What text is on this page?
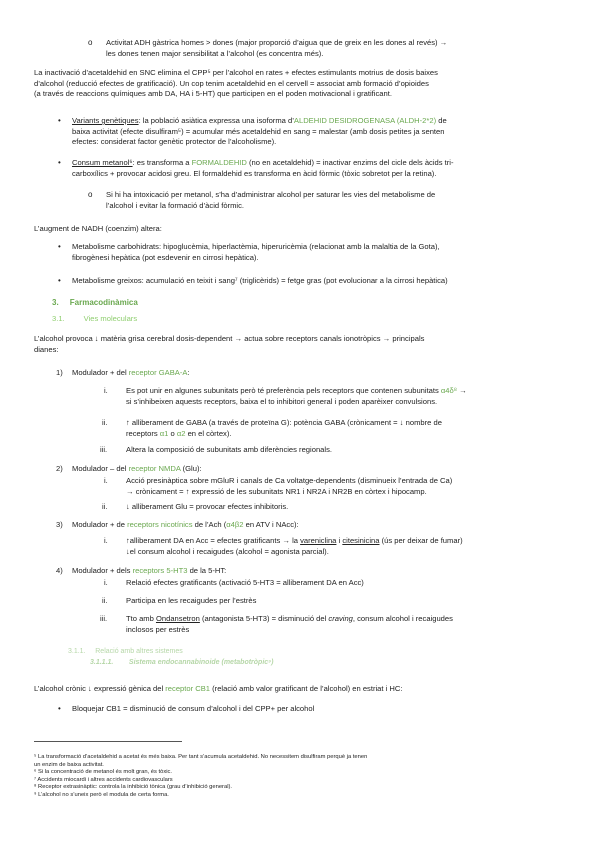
o Activitat ADH gàstrica homes > dones (major proporció d’aigua que de greix en les dones al revés) →
les dones tenen major sensibilitat a l’alcohol (es concentra més).

La inactivació d’acetaldehid en SNC elimina el CPP⁵ per l’alcohol en rates + efectes estimulants motrius de dosis baixes
d’alcohol (reducció efectes de gratificació). Un cop tenim acetaldehid en el cervell = associat amb formació d’opioides
(a través de reaccions químiques amb DA, HA i 5-HT) que participen en el poden motivacional i gratificant.

• Variants genètiques: la població asiàtica expressa una isoforma d’ALDEHID DESIDROGENASA (ALDH-2*2) de
baixa activitat (efecte disulfiram⁵) = acumular més acetaldehid en sang = malestar (amb dosis petites ja senten
efectes: considerat factor genètic protector de l’alcoholisme).

• Consum metanol⁶: es transforma a FORMALDEHID (no en acetaldehid) = inactivar enzims del cicle dels àcids tri-
carboxílics + provocar acidosi greu. El formaldehid es transforma en àcid fòrmic (tòxic sobretot per la retina).

o Si hi ha intoxicació per metanol, s’ha d’administrar alcohol per saturar les vies del metabolisme de
l’alcohol i evitar la formació d’àcid fòrmic.

L’augment de NADH (coenzim) altera:

• Metabolisme carbohidrats: hipoglucèmia, hiperlactèmia, hiperuricèmia (relacionat amb la malaltia de la Gota),
fibrogènesi hepàtica (pot esdevenir en cirrosi hepàtica).

• Metabolisme greixos: acumulació en teixit i sang⁷ (triglicèrids) = fetge gras (pot evolucionar a la cirrosi hepàtica)

3. Farmacodinàmica
3.1.	Vies moleculars

L’alcohol provoca ↓ matèria grisa cerebral dosis-dependent → actua sobre receptors canals ionotròpics → principals
dianes:

1) Modulador + del receptor GABA-A:

i. Es pot unir en algunes subunitats però té preferència pels receptors que contenen subunitats α4δ⁸ →
si s’inhibeixen aquests receptors, baixa el to inhibitori general i poden aparèixer convulsions.

ii. ↑ alliberament de GABA (a través de proteïna G): potència GABA (crònicament = ↓ nombre de
receptors α1 o α2 en el còrtex).

iii. Altera la composició de subunitats amb diferències regionals.

2) Modulador – del receptor NMDA (Glu):

i. Acció presinàptica sobre mGluR i canals de Ca voltatge-dependents (disminueix l’entrada de Ca)
→ crònicament = ↑ expressió de les subunitats NR1 i NR2A i NR2B en còrtex i hipocamp.

ii. ↓ alliberament Glu = provocar efectes inhibitoris.

3) Modulador + de receptors nicotínics de l’Ach (α4β2 en ATV i NAcc):

i. ↑alliberament DA en Acc = efectes gratificants → la vareniclina i citesinicina (ús per deixar de fumar)
↓el consum alcohol i recaigudes (alcohol = agonista parcial).

4) Modulador + dels receptors 5-HT3 de la 5-HT:

i. Relació efectes gratificants (activació 5-HT3 = alliberament DA en Acc)

ii. Participa en les recaigudes per l’estrès

iii. Tto amb Ondansetron (antagonista 5-HT3) = disminució del craving, consum alcohol i recaigudes
inclosos per estrès

3.1.1. Relació amb altres sistemes
3.1.1.1. Sistema endocannabinoide (metabotròpic⁹)

L’alcohol crònic ↓ expressió gènica del receptor CB1 (relació amb valor gratificant de l’alcohol) en estriat i HC:

• Bloquejar CB1 = disminució de consum d’alcohol i del CPP+ per alcohol

⁵ La transformació d’acetaldehid a acetat és més baixa. Per tant s’acumula acetaldehid. No necessitem disulfiram perquè ja tenen
un enzim de baixa activitat.
⁶ Si la concentració de metanol és molt gran, és tòxic.
⁷ Accidents miocardi i altres accidents cardiovasculars
⁸ Receptor extrasinàptic: controla la inhibició tònica (grau d’inhibició general).
⁹ L’alcohol no s’uneix però el modula de certa forma.
